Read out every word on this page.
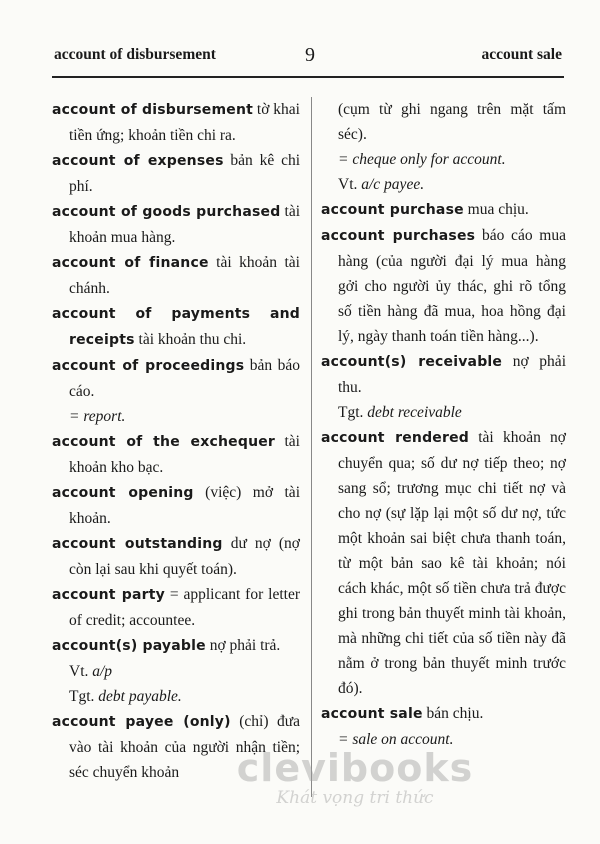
account of disbursement	9	account sale

account of disbursement tờ khai tiền ứng; khoản tiền chi ra.

account of expenses bản kê chi phí.

account of goods purchased tài khoản mua hàng.

account of finance tài khoản tài chánh.

account of payments and receipts tài khoản thu chi.

account of proceedings bản báo cáo.

= report.

account of the exchequer tài khoản kho bạc.

account opening (việc) mở tài khoản.

account outstanding dư nợ (nợ còn lại sau khi quyết toán).

account party = applicant for letter of credit; accountee.

account(s) payable nợ phải trả.

Vt. a/p

Tgt. debt payable.

account payee (only) (chỉ) đưa vào tài khoản của người nhận tiền; séc chuyển khoản

(cụm từ ghi ngang trên mặt tấm séc).

= cheque only for account.

Vt. a/c payee.

account purchase mua chịu.

account purchases báo cáo mua hàng (của người đại lý mua hàng gởi cho người ủy thác, ghi rõ tổng số tiền hàng đã mua, hoa hồng đại lý, ngày thanh toán tiền hàng...).

account(s) receivable nợ phải thu.

Tgt. debt receivable

account rendered tài khoản nợ chuyển qua; số dư nợ tiếp theo; nợ sang sổ; trương mục chi tiết nợ và cho nợ (sự lặp lại một số dư nợ, tức một khoản sai biệt chưa thanh toán, từ một bản sao kê tài khoản; nói cách khác, một số tiền chưa trả được ghi trong bản thuyết minh tài khoản, mà những chi tiết của số tiền này đã nằm ở trong bản thuyết minh trước đó).

account sale bán chịu.

= sale on account.

clevibooks
Khát vọng tri thức
